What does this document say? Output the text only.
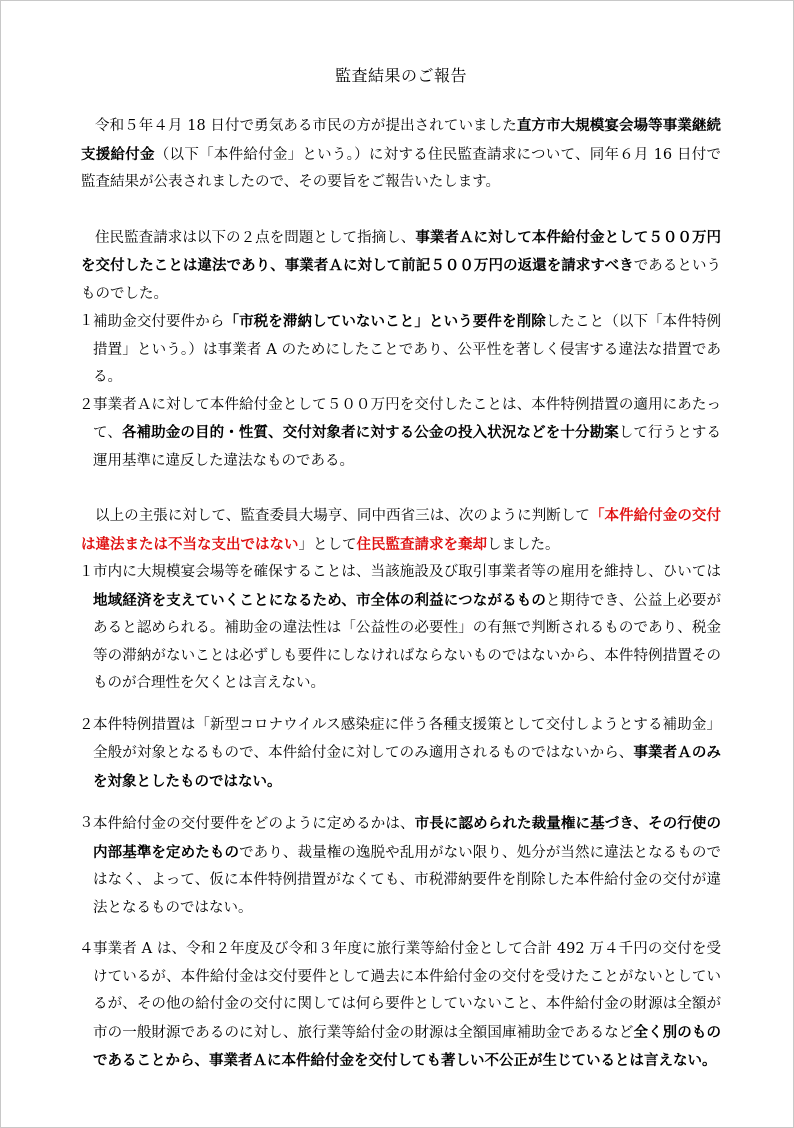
監査結果のご報告

令和５年４月 18 日付で勇気ある市民の方が提出されていました直方市大規模宴会場等事業継続支援給付金（以下「本件給付金」という。）に対する住民監査請求について、同年６月 16 日付で監査結果が公表されましたので、その要旨をご報告いたします。

住民監査請求は以下の２点を問題として指摘し、事業者Ａに対して本件給付金として５００万円を交付したことは違法であり、事業者Ａに対して前記５００万円の返還を請求すべきであるというものでした。

１ 補助金交付要件から「市税を滞納していないこと」という要件を削除したこと（以下「本件特例措置」という。）は事業者 A のためにしたことであり、公平性を著しく侵害する違法な措置である。
２ 事業者Ａに対して本件給付金として５００万円を交付したことは、本件特例措置の適用にあたって、各補助金の目的・性質、交付対象者に対する公金の投入状況などを十分勘案して行うとする運用基準に違反した違法なものである。

以上の主張に対して、監査委員大場亨、同中西省三は、次のように判断して「本件給付金の交付は違法または不当な支出ではない」として住民監査請求を棄却しました。

１ 市内に大規模宴会場等を確保することは、当該施設及び取引事業者等の雇用を維持し、ひいては地域経済を支えていくことになるため、市全体の利益につながるものと期待でき、公益上必要があると認められる。補助金の違法性は「公益性の必要性」の有無で判断されるものであり、税金等の滞納がないことは必ずしも要件にしなければならないものではないから、本件特例措置そのものが合理性を欠くとは言えない。
２ 本件特例措置は「新型コロナウイルス感染症に伴う各種支援策として交付しようとする補助金」全般が対象となるもので、本件給付金に対してのみ適用されるものではないから、事業者Ａのみを対象としたものではない。
３ 本件給付金の交付要件をどのように定めるかは、市長に認められた裁量権に基づき、その行使の内部基準を定めたものであり、裁量権の逸脱や乱用がない限り、処分が当然に違法となるものではなく、よって、仮に本件特例措置がなくても、市税滞納要件を削除した本件給付金の交付が違法となるものではない。
４ 事業者 A は、令和２年度及び令和３年度に旅行業等給付金として合計 492 万４千円の交付を受けているが、本件給付金は交付要件として過去に本件給付金の交付を受けたことがないとしているが、その他の給付金の交付に関しては何ら要件としていないこと、本件給付金の財源は全額が市の一般財源であるのに対し、旅行業等給付金の財源は全額国庫補助金であるなど全く別のものであることから、事業者Ａに本件給付金を交付しても著しい不公正が生じているとは言えない。
